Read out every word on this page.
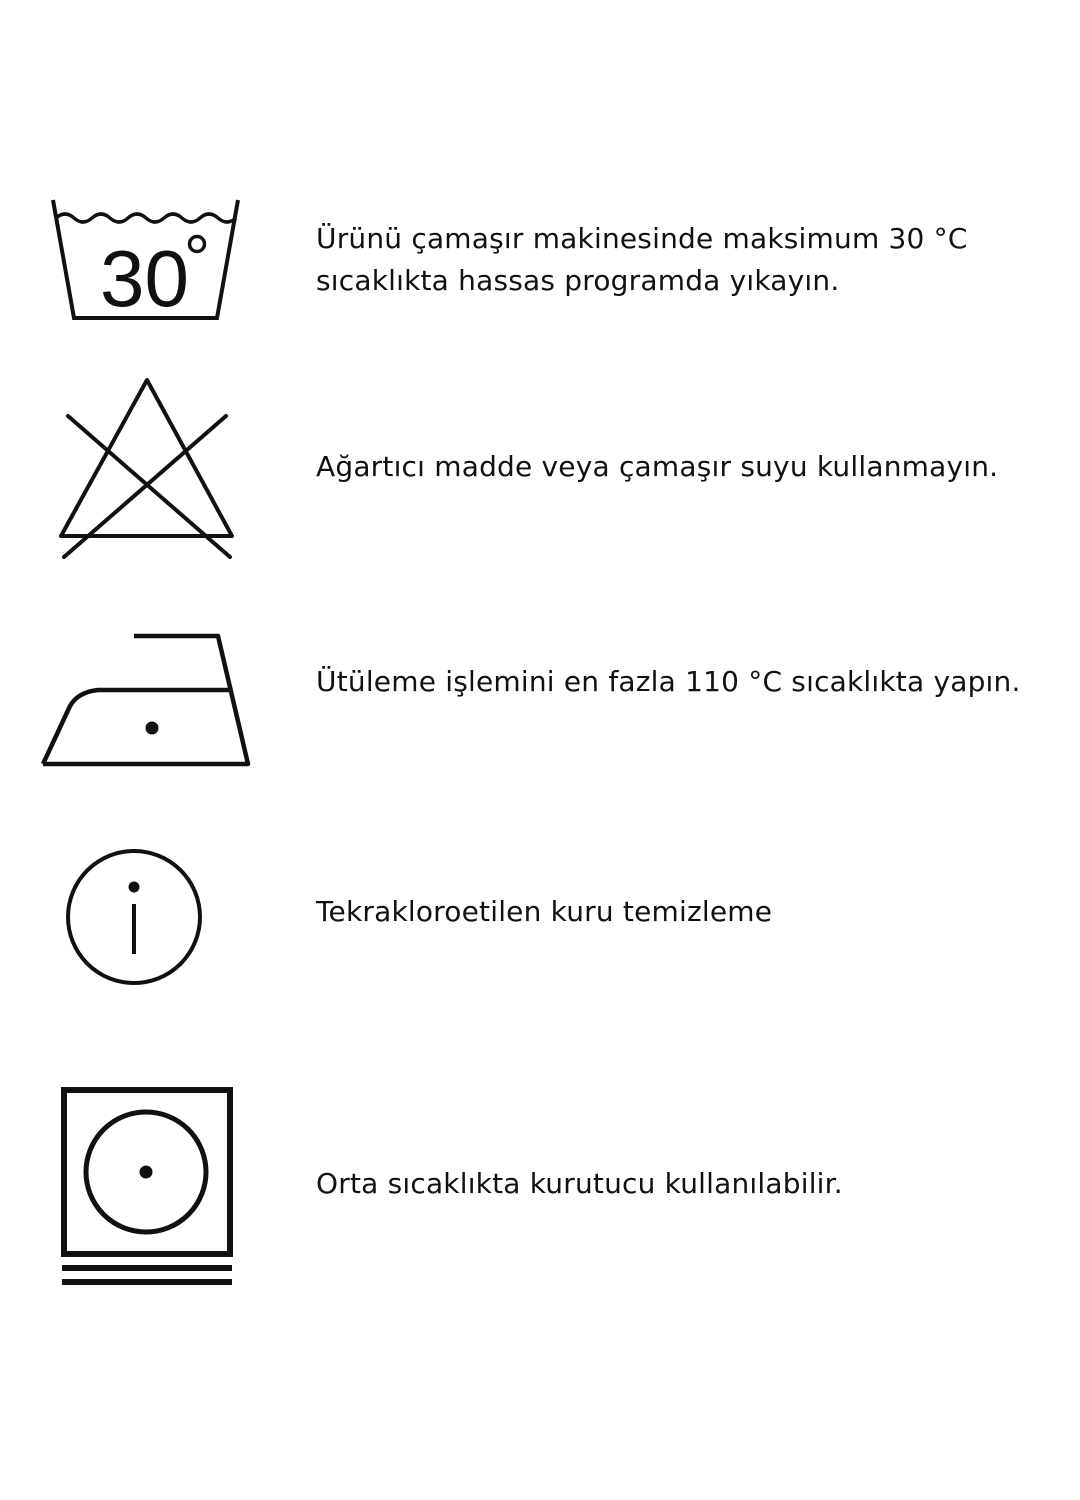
30	Ürünü çamaşır makinesinde maksimum 30 °C sıcaklıkta hassas programda yıkayın.

Ağartıcı madde veya çamaşır suyu kullanmayın.

Ütüleme işlemini en fazla 110 °C sıcaklıkta yapın.

Tekrakloroetilen kuru temizleme

Orta sıcaklıkta kurutucu kullanılabilir.
